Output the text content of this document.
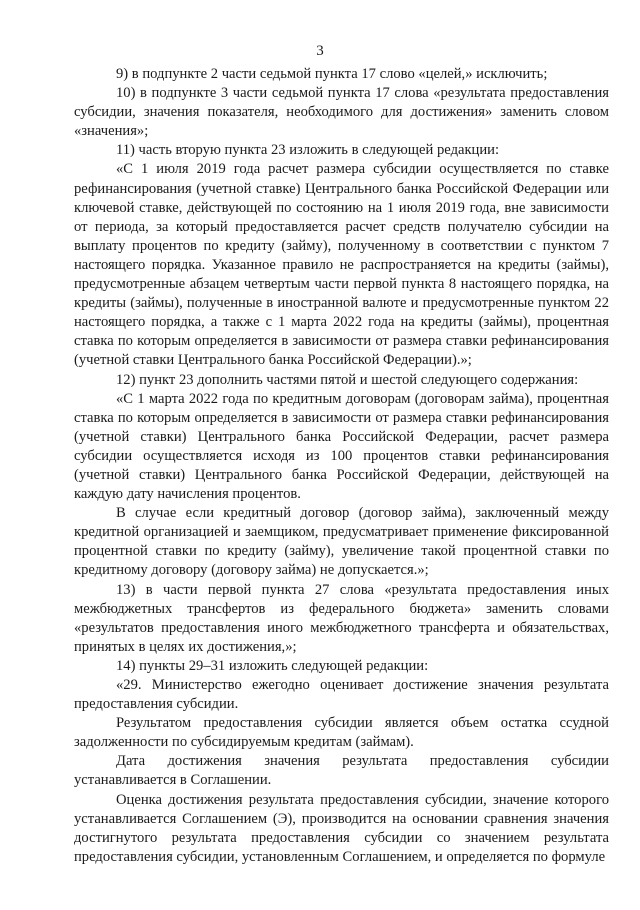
3

9) в подпункте 2 части седьмой пункта 17 слово «целей,» исключить;

10) в подпункте 3 части седьмой пункта 17 слова «результата предоставления субсидии, значения показателя, необходимого для достижения» заменить словом «значения»;

11) часть вторую пункта 23 изложить в следующей редакции:

«С 1 июля 2019 года расчет размера субсидии осуществляется по ставке рефинансирования (учетной ставке) Центрального банка Российской Федерации или ключевой ставке, действующей по состоянию на 1 июля 2019 года, вне зависимости от периода, за который предоставляется расчет средств получателю субсидии на выплату процентов по кредиту (займу), полученному в соответствии с пунктом 7 настоящего порядка. Указанное правило не распространяется на кредиты (займы), предусмотренные абзацем четвертым части первой пункта 8 настоящего порядка, на кредиты (займы), полученные в иностранной валюте и предусмотренные пунктом 22 настоящего порядка, а также с 1 марта 2022 года на кредиты (займы), процентная ставка по которым определяется в зависимости от размера ставки рефинансирования (учетной ставки Центрального банка Российской Федерации).»;

12) пункт 23 дополнить частями пятой и шестой следующего содержания:

«С 1 марта 2022 года по кредитным договорам (договорам займа), процентная ставка по которым определяется в зависимости от размера ставки рефинансирования (учетной ставки) Центрального банка Российской Федерации, расчет размера субсидии осуществляется исходя из 100 процентов ставки рефинансирования (учетной ставки) Центрального банка Российской Федерации, действующей на каждую дату начисления процентов.

В случае если кредитный договор (договор займа), заключенный между кредитной организацией и заемщиком, предусматривает применение фиксированной процентной ставки по кредиту (займу), увеличение такой процентной ставки по кредитному договору (договору займа) не допускается.»;

13) в части первой пункта 27 слова «результата предоставления иных межбюджетных трансфертов из федерального бюджета» заменить словами «результатов предоставления иного межбюджетного трансферта и обязательствах, принятых в целях их достижения,»;

14) пункты 29–31 изложить следующей редакции:

«29. Министерство ежегодно оценивает достижение значения результата предоставления субсидии.

Результатом предоставления субсидии является объем остатка ссудной задолженности по субсидируемым кредитам (займам).

Дата достижения значения результата предоставления субсидии устанавливается в Соглашении.

Оценка достижения результата предоставления субсидии, значение которого устанавливается Соглашением (Э), производится на основании сравнения значения достигнутого результата предоставления субсидии со значением результата предоставления субсидии, установленным Соглашением, и определяется по формуле
